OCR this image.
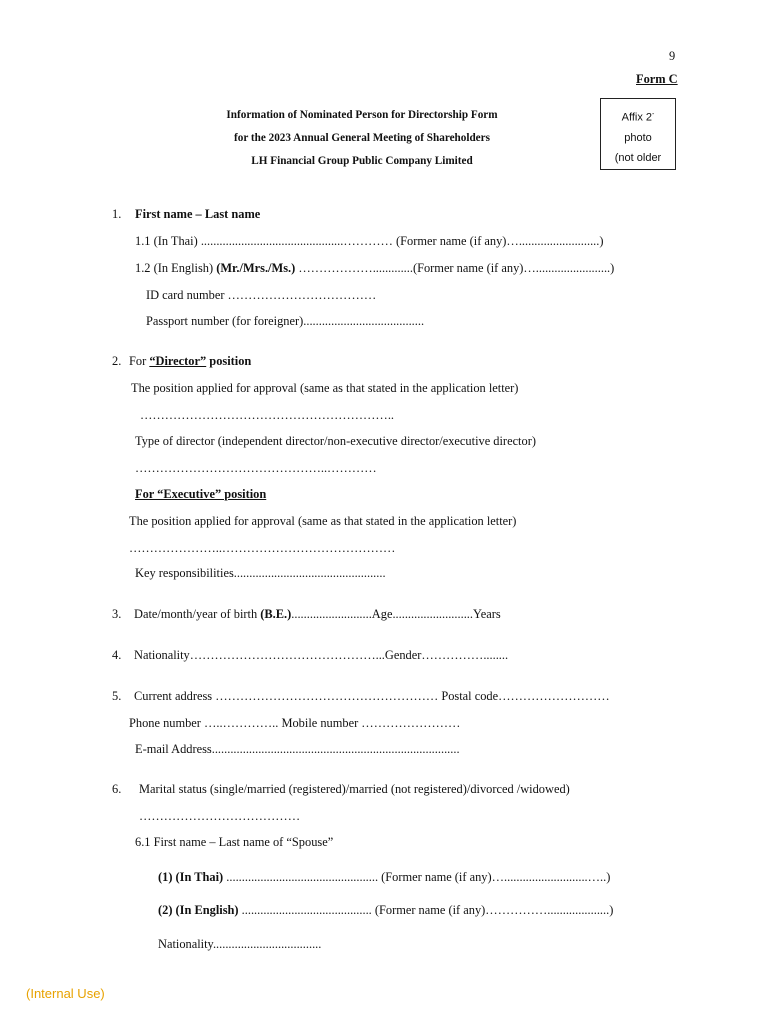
9
Form C
Information of Nominated Person for Directorship Form
for the 2023 Annual General Meeting of Shareholders
LH Financial Group Public Company Limited
Affix 2-
photo
(not older
1. First name – Last name
1.1 (In Thai) ..............................................………… (Former name (if any)…..........................)
1.2 (In English) (Mr./Mrs./Ms.) ……………….............(Former name (if any)…........................)
ID card number ………………………………
Passport number (for foreigner).......................................
2. For “Director” position
The position applied for approval (same as that stated in the application letter)
……………………………………………………..
Type of director (independent director/non-executive director/executive director)
………………………………………..…………
For “Executive” position
The position applied for approval (same as that stated in the application letter)
…………………..……………………………………
Key responsibilities.................................................
3. Date/month/year of birth (B.E.)..........................Age..........................Years
4. Nationality………………………………………...Gender……………........
5. Current address ……………………………………………… Postal code………………………
Phone number …..………….. Mobile number ……………………
E-mail Address................................................................................
6. Marital status (single/married (registered)/married (not registered)/divorced /widowed)
…………………………………
6.1 First name – Last name of “Spouse”
(1) (In Thai) ................................................. (Former name (if any)…...........................…..)
(2) (In English) .......................................... (Former name (if any)……………....................)
Nationality...................................
(Internal Use)
